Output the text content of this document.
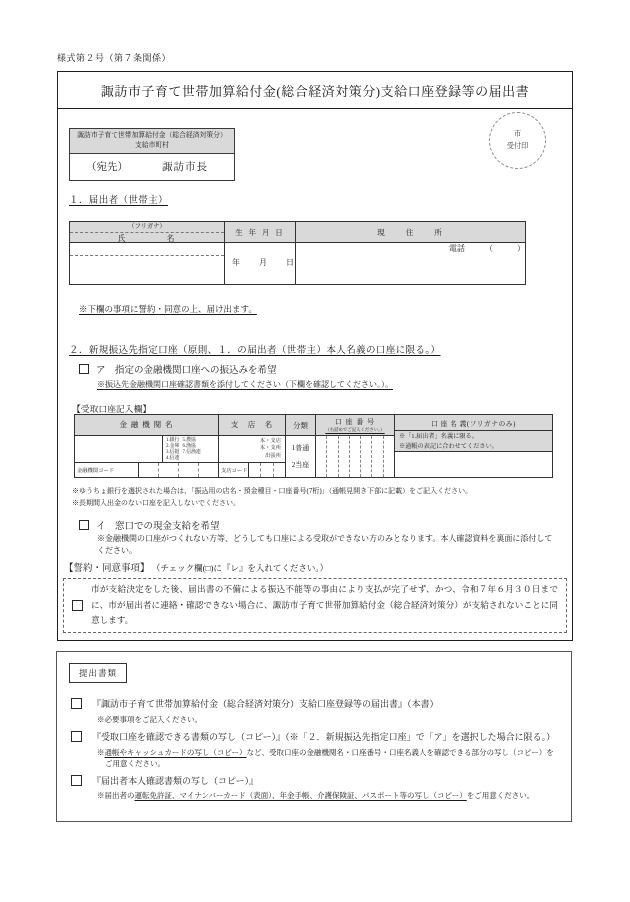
様式第２号（第７条関係）
諏訪市子育て世帯加算給付金(総合経済対策分)支給口座登録等の届出書
諏訪市子育て世帯加算給付金（総合経済対策分）
支給市町村
（宛先）	諏訪市長
市
受付印
１．届出者（世帯主）
（フリガナ）
氏　　　　名
生 年 月 日
年　　月　　日
現　　住　　所
電話　　　（　　　）
※下欄の事項に誓約・同意の上、届け出ます。
２．新規振込先指定口座（原則、１．の届出者（世帯主）本人名義の口座に限る。）
ア　指定の金融機関口座への振込みを希望
※振込先金融機関口座確認書類を添付してください（下欄を確認してください。）。
【受取口座記入欄】
金 融 機 関 名
1.銀行
2.金庫
3.信組
4.信連
5.農協
6.漁協
7.信漁連
金融機関コード
支　店　名
本・支店
本・支所
出張所
支店コード
分類
1普通
2当座
口 座 番 号
（右詰めでご記入ください。）
口 座 名 義(フリガナのみ)
※「1.届出者」名義に限る。
※通帳の表記に合わせてください。
※ゆうちょ銀行を選択された場合は、「振込用の店名・預金種目・口座番号(7桁)」（通帳見開き下部に記載）をご記入ください。
※長期間入出金のない口座を記入しないでください。
イ　窓口での現金支給を希望
※金融機関の口座がつくれない方等、どうしても口座による受取ができない方のみとなります。本人確認資料を裏面に添付してください。
【誓約・同意事項】 （チェック欄(□)に『レ』を入れてください。）
市が支給決定をした後、届出書の不備による振込不能等の事由により支払が完了せず、かつ、令和７年６月３０日までに、市が届出者に連絡・確認できない場合に、諏訪市子育て世帯加算給付金（総合経済対策分）が支給されないことに同意します。
提出書類
『諏訪市子育て世帯加算給付金（総合経済対策分）支給口座登録等の届出書』（本書）
※必要事項をご記入ください。
『受取口座を確認できる書類の写し（コピー）』（※「２．新規振込先指定口座」で「ア」を選択した場合に限る。）
※通帳やキャッシュカードの写し（コピー）など、受取口座の金融機関名・口座番号・口座名義人を確認できる部分の写し（コピー）をご用意ください。
『届出者本人確認書類の写し（コピー）』
※届出者の運転免許証、マイナンバーカード（表面）、年金手帳、介護保険証、パスポート等の写し（コピー）をご用意ください。
